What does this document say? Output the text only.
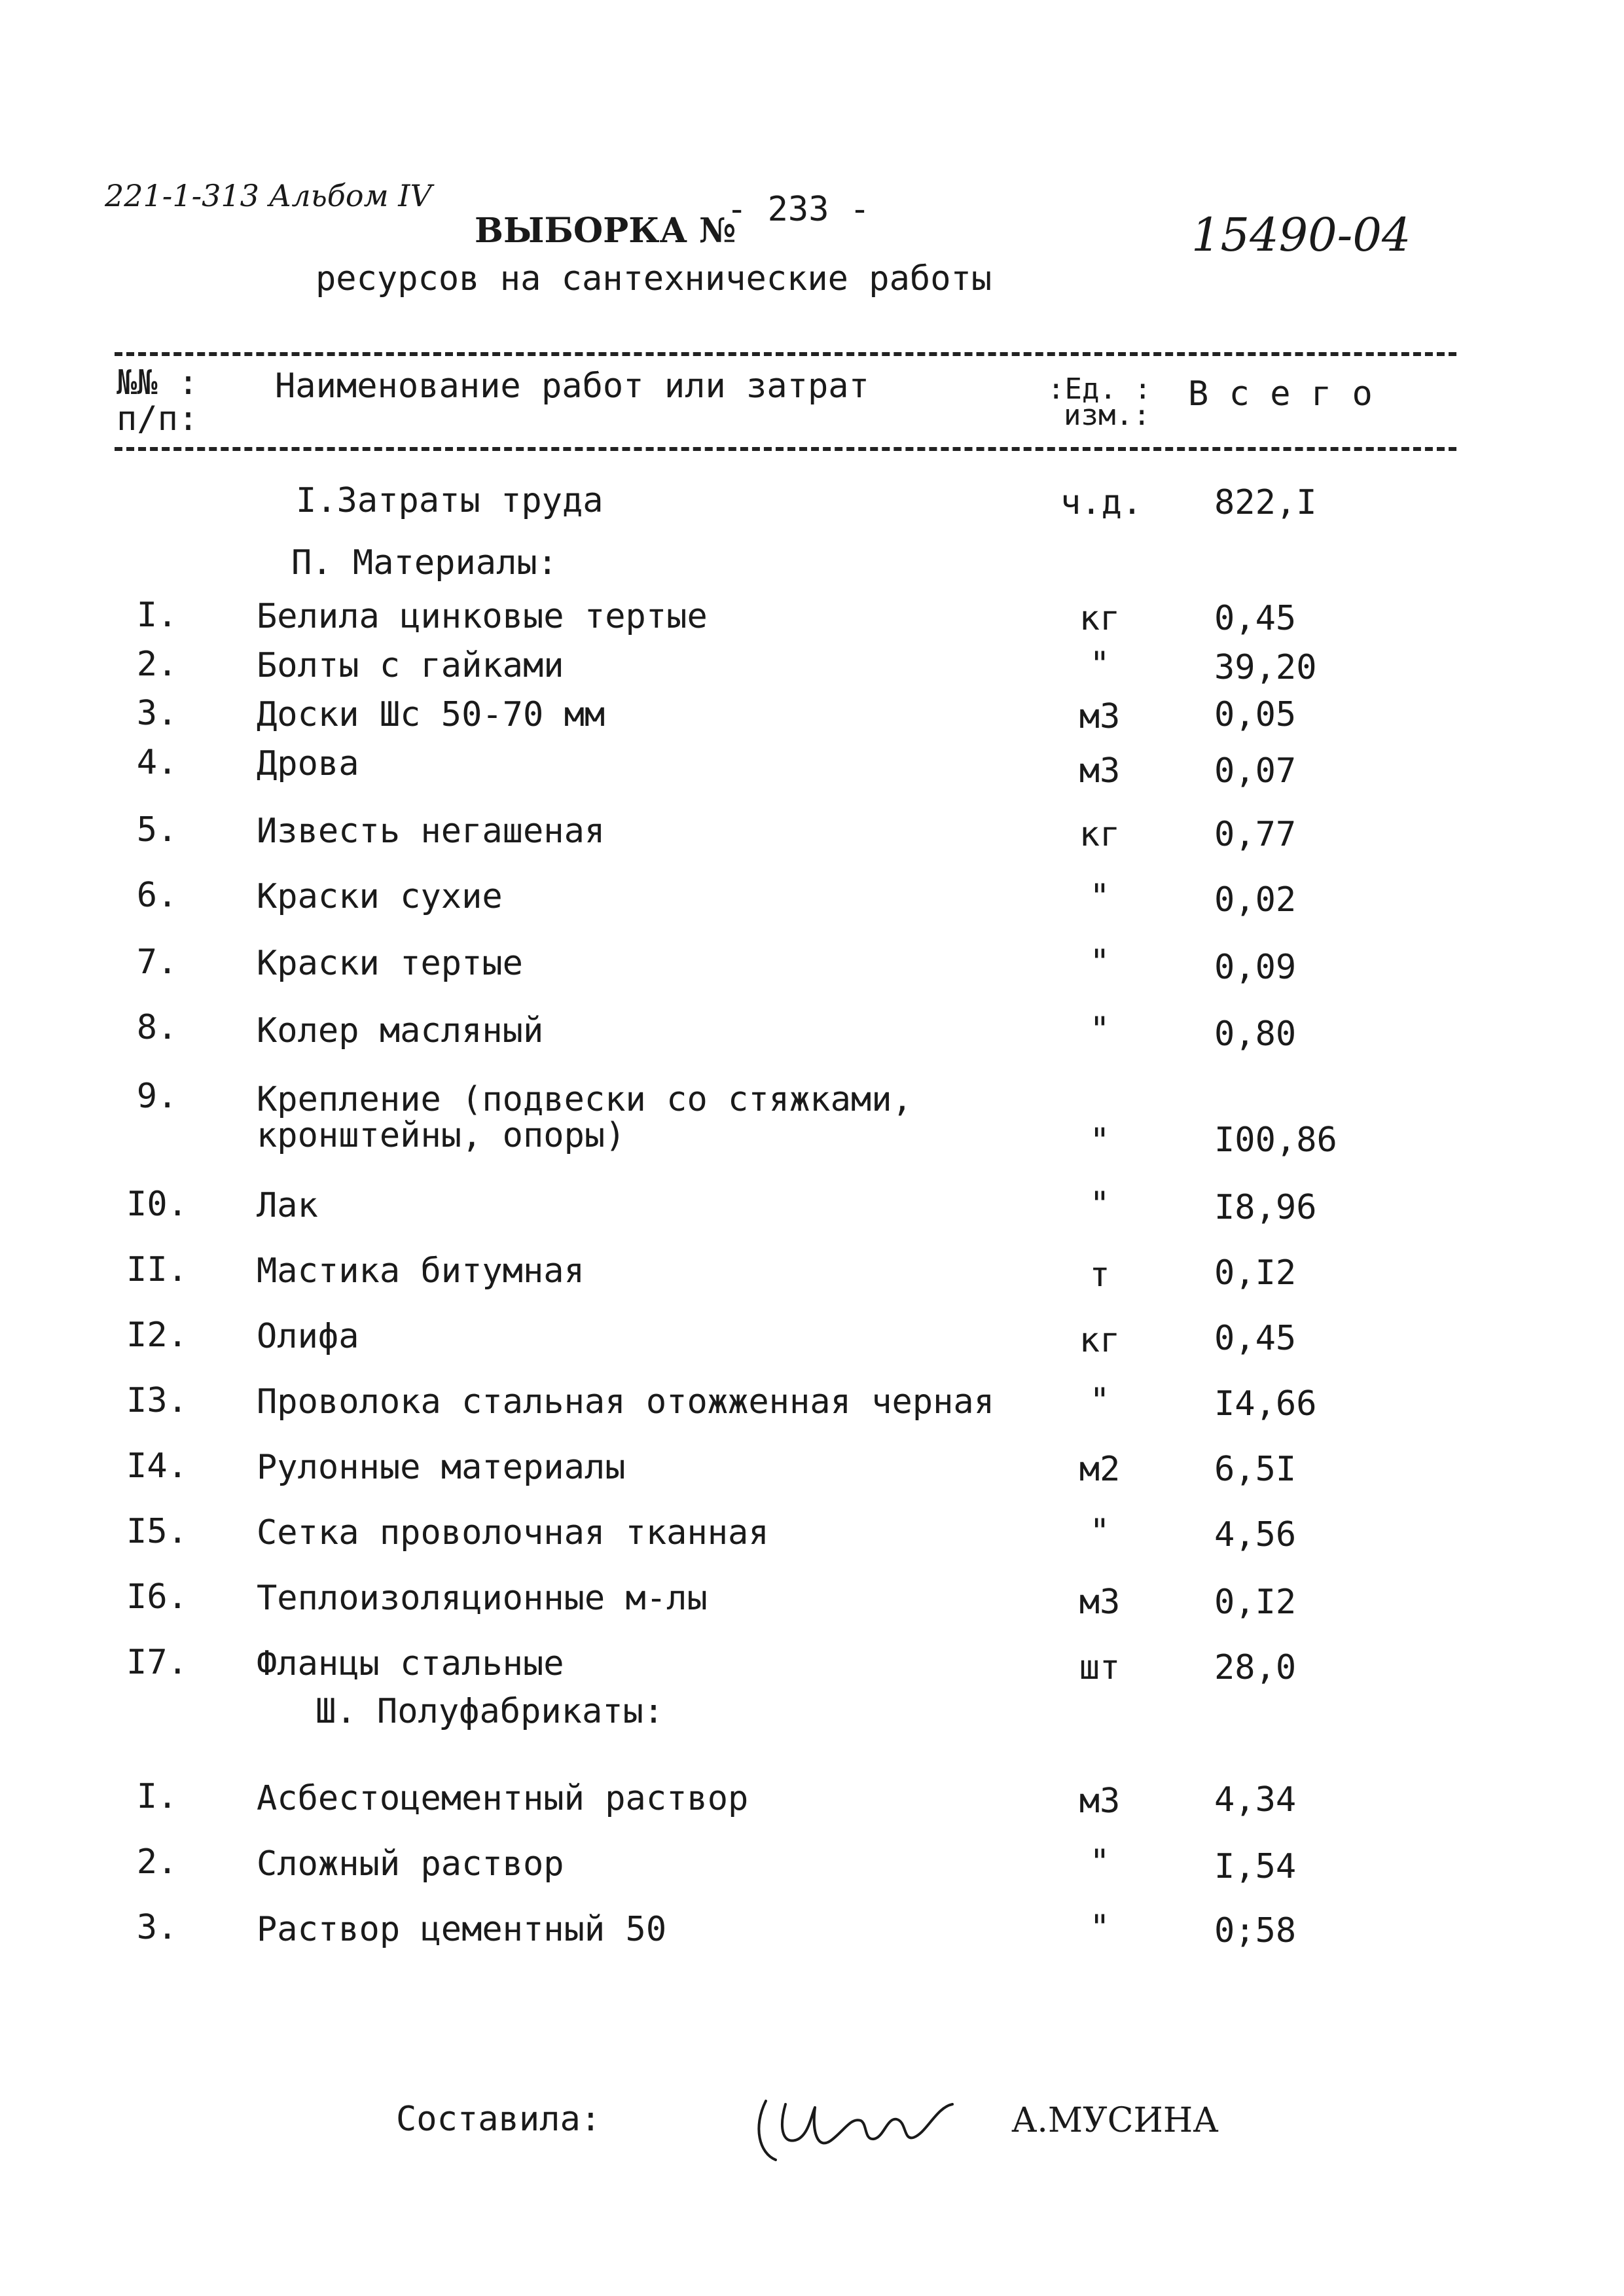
221-1-313 Альбом IV	- 233 -
ВЫБОРКА №	15490-04
ресурсов на сантехнические работы
№№ :
п/п:
Наименование работ или затрат	:Ед. :
изм.:
В с е г о
I.Затраты труда	ч.д. 822,I
П. Материалы:
I.	Белила цинковые тертые	кг	0,45
2.	Болты с гайками	"	39,20
3.	Доски Шс 50-70 мм	м3	0,05
4.	Дрова	м3	0,07
5.	Известь негашеная	кг	0,77
6.	Краски сухие	"	0,02
7.	Краски тертые	"	0,09
8.	Колер масляный	"	0,80
9.	Крепление (подвески со стяжками,
кронштейны, опоры)	"	I00,86
I0.	Лак	"	I8,96
II.	Мастика битумная	т	0,I2
I2.	Олифа	кг	0,45
I3.	Проволока стальная отожженная черная	"	I4,66
I4.	Рулонные материалы	м2	6,5I
I5.	Сетка проволочная тканная	"	4,56
I6.	Теплоизоляционные м-лы	м3	0,I2
I7.	Фланцы стальные	шт	28,0
Ш. Полуфабрикаты:
I.	Асбестоцементный раствор	м3	4,34
2.	Сложный раствор	"	I,54
3.	Раствор цементный 50	"	0;58
Составила:	А.МУСИНА
